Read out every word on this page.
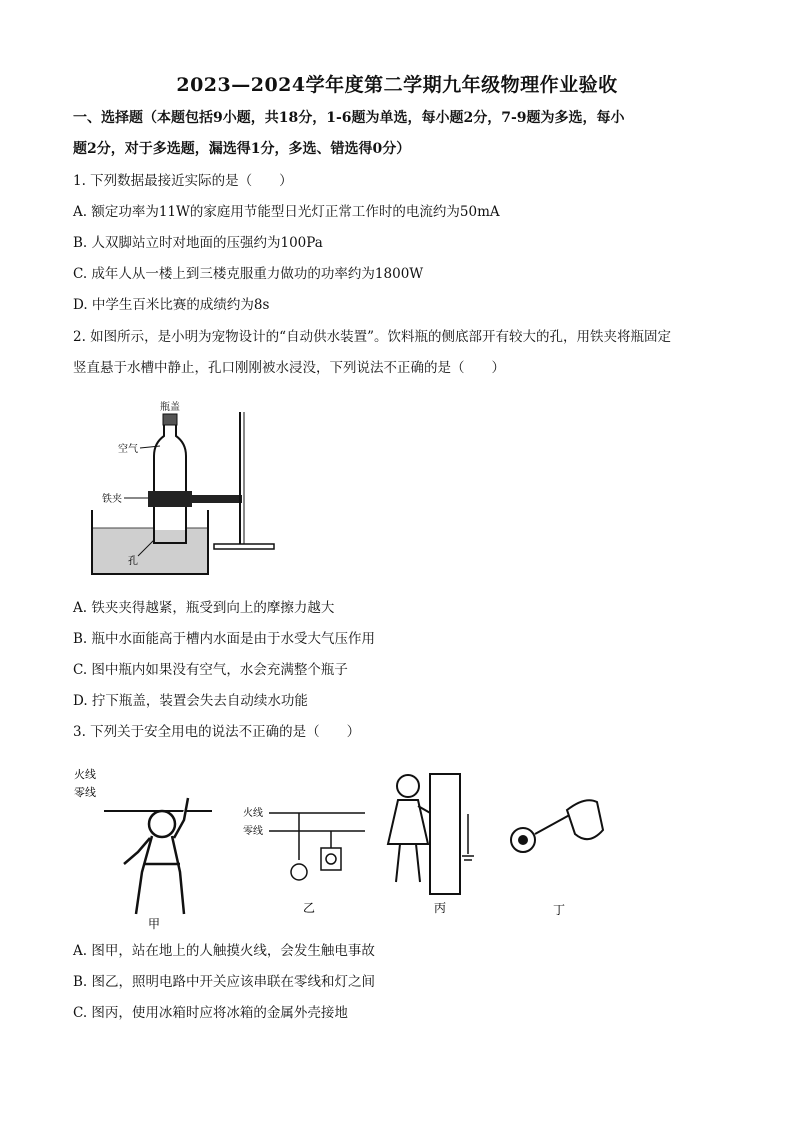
2023—2024学年度第二学期九年级物理作业验收
一、选择题（本题包括9小题，共18分，1-6题为单选，每小题2分，7-9题为多选，每小
题2分，对于多选题，漏选得1分，多选、错选得0分）
1. 下列数据最接近实际的是（　　）
A. 额定功率为11W的家庭用节能型日光灯正常工作时的电流约为50mA
B. 人双脚站立时对地面的压强约为100Pa
C. 成年人从一楼上到三楼克服重力做功的功率约为1800W
D. 中学生百米比赛的成绩约为8s
2. 如图所示，是小明为宠物设计的“自动供水装置”。饮料瓶的侧底部开有较大的孔，用铁夹将瓶固定
竖直悬于水槽中静止，孔口刚刚被水浸没，下列说法不正确的是（　　）
瓶盖
空气
铁夹
孔
A. 铁夹夹得越紧，瓶受到向上的摩擦力越大
B. 瓶中水面能高于槽内水面是由于水受大气压作用
C. 图中瓶内如果没有空气，水会充满整个瓶子
D. 拧下瓶盖，装置会失去自动续水功能
3. 下列关于安全用电的说法不正确的是（　　）
火线
零线
甲
火线
零线
乙	丙	丁
A. 图甲，站在地上的人触摸火线，会发生触电事故
B. 图乙，照明电路中开关应该串联在零线和灯之间
C. 图丙，使用冰箱时应将冰箱的金属外壳接地
